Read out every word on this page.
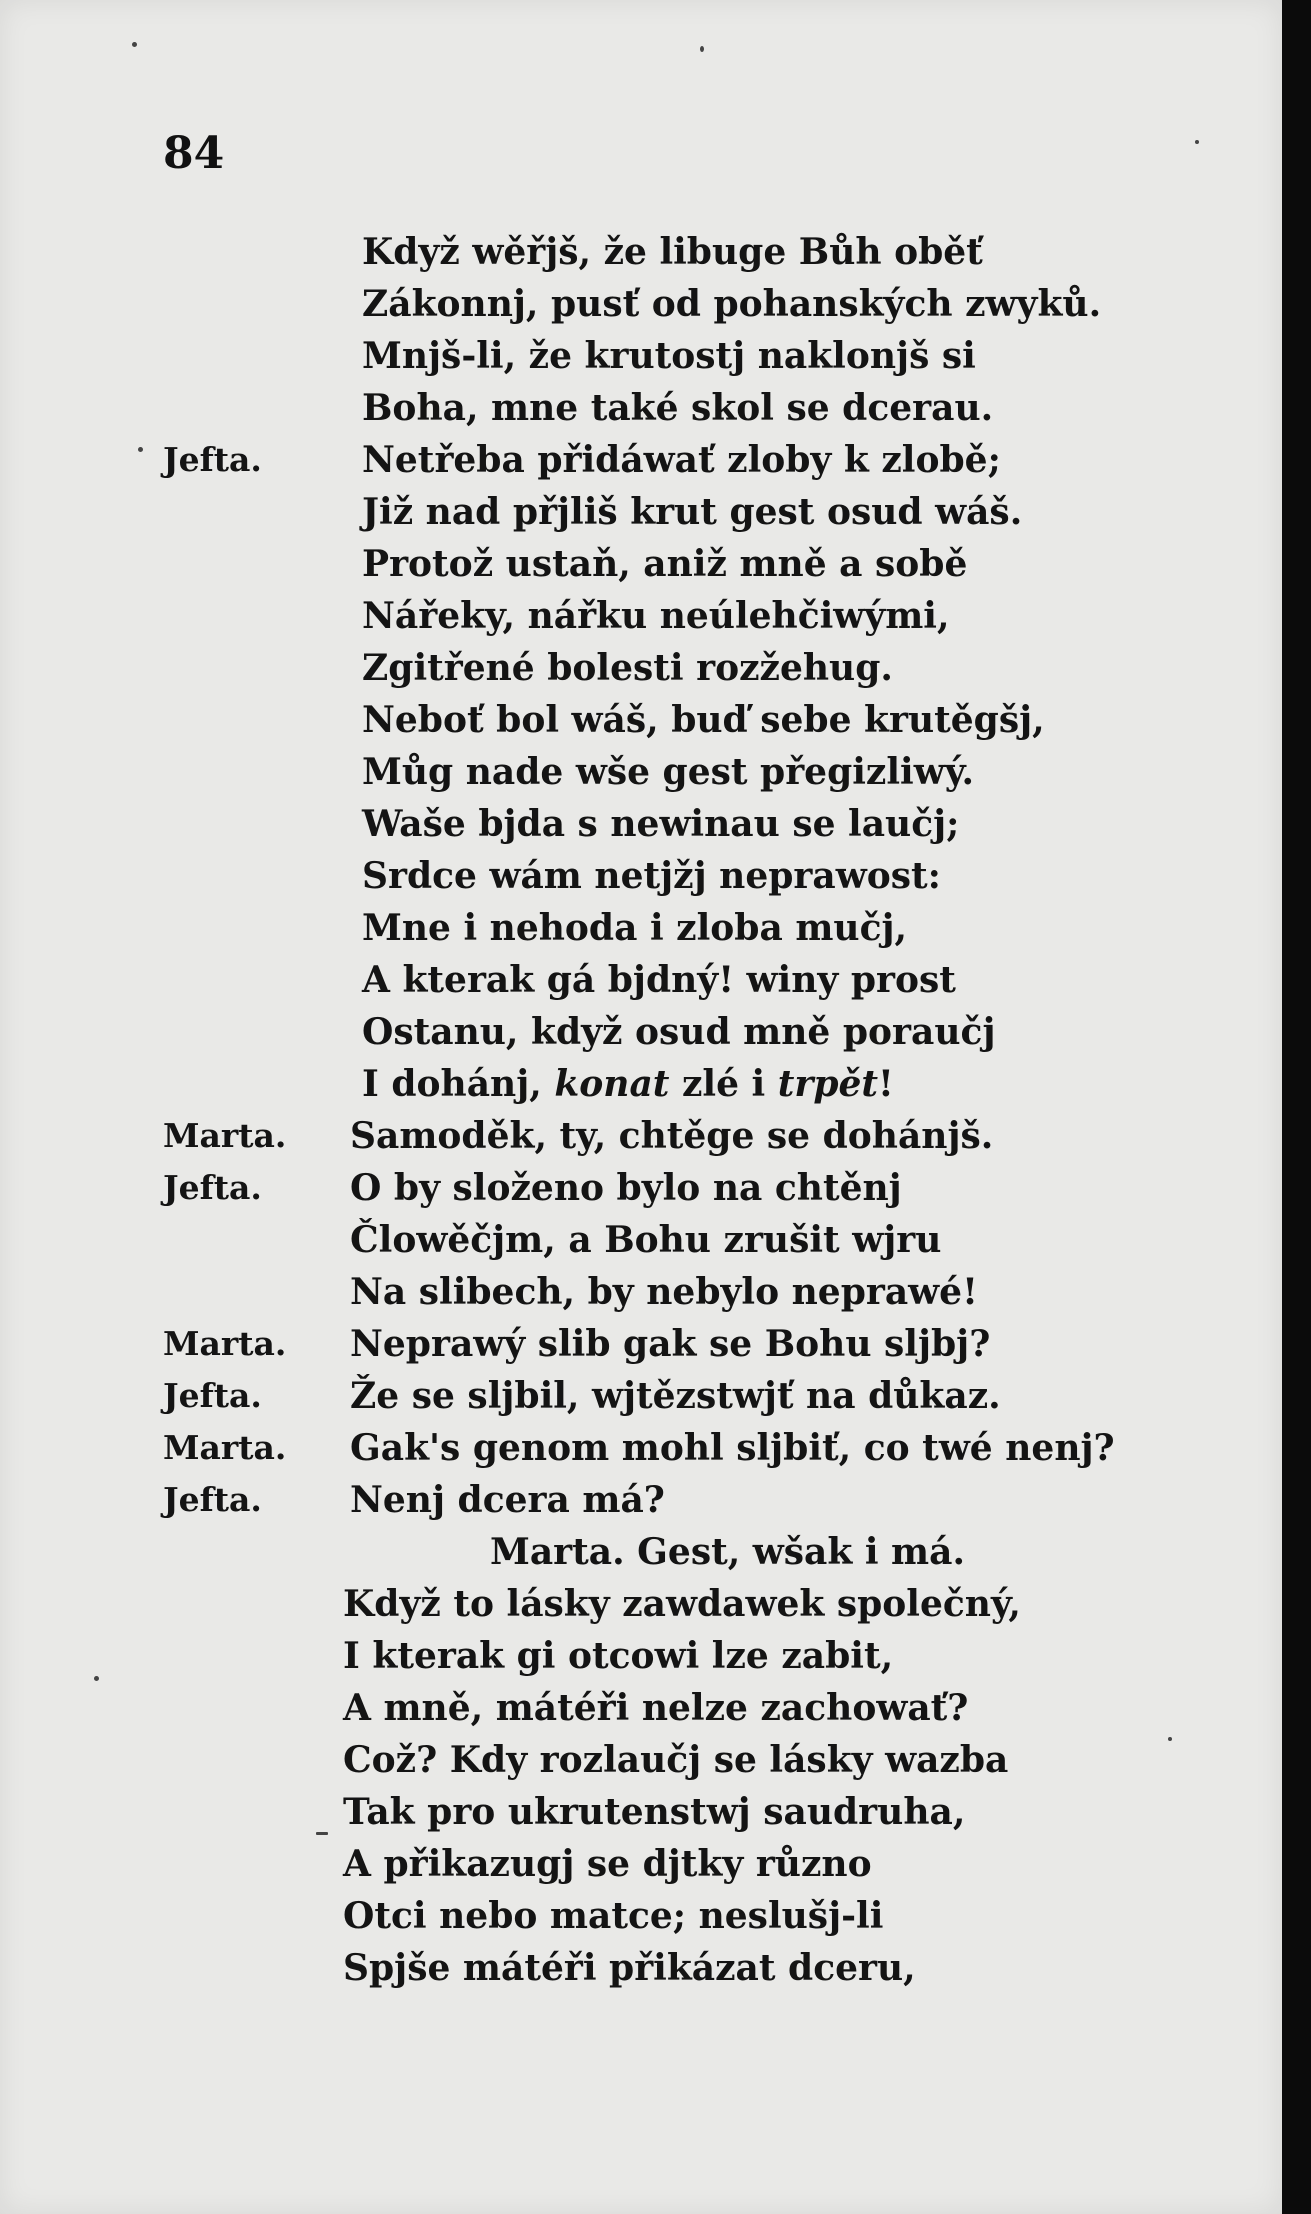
84
Když wěřjš, že libuge Bůh oběť
Zákonnj, pusť od pohanských zwyků.
Mnjš-li, že krutostj naklonjš si
Boha, mne také skol se dcerau.
Jefta.	Netřeba přidáwať zloby k zlobě;
Již nad přjliš krut gest osud wáš.
Protož ustaň, aniž mně a sobě
Nářeky, nářku neúlehčiwými,
Zgitřené bolesti rozžehug.
Neboť bol wáš, buď sebe krutěgšj,
Můg nade wše gest přegizliwý.
Waše bjda s newinau se laučj;
Srdce wám netjžj neprawost:
Mne i nehoda i zloba mučj,
A kterak gá bjdný! winy prost
Ostanu, když osud mně poraučj
I dohánj, konat zlé i trpět!
Marta. Samoděk, ty, chtěge se dohánjš.
Jefta. O by složeno bylo na chtěnj
Člowěčjm, a Bohu zrušit wjru
Na slibech, by nebylo neprawé!
Marta. Neprawý slib gak se Bohu sljbj?
Jefta. Že se sljbil, wjtězstwjť na důkaz.
Marta. Gak's genom mohl sljbiť, co twé nenj?
Jefta. Nenj dcera má?
Marta. Gest, wšak i má.
Když to lásky zawdawek společný,
I kterak gi otcowi lze zabit,
A mně, mátéři nelze zachowať?
Což? Kdy rozlaučj se lásky wazba
Tak pro ukrutenstwj saudruha,
A přikazugj se djtky různo
Otci nebo matce; neslušj-li
Spjše mátéři přikázat dceru,
